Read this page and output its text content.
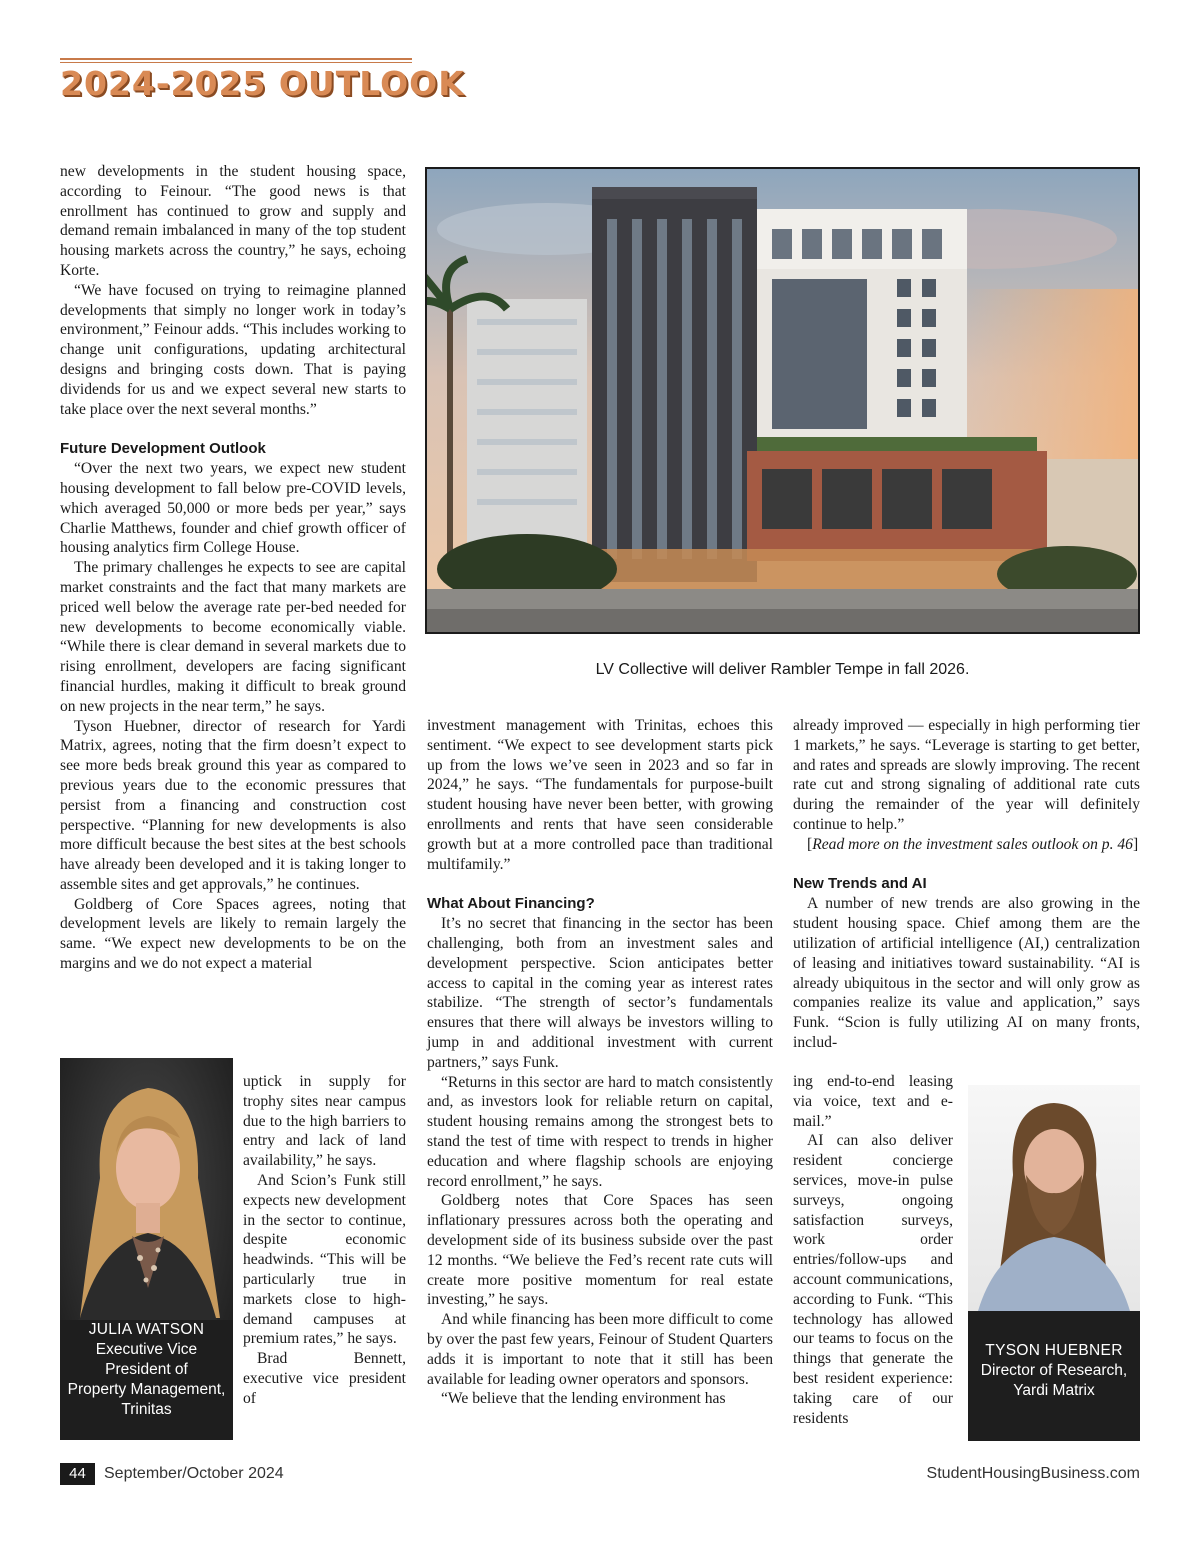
2024-2025 OUTLOOK

new developments in the student housing space, according to Feinour. “The good news is that enrollment has continued to grow and supply and demand remain imbalanced in many of the top student housing markets across the country,” he says, echoing Korte.

“We have focused on trying to reimagine planned developments that simply no longer work in today’s environment,” Feinour adds. “This includes working to change unit configurations, updating architectural designs and bringing costs down. That is paying dividends for us and we expect several new starts to take place over the next several months.”

Future Development Outlook

“Over the next two years, we expect new student housing development to fall below pre-COVID levels, which averaged 50,000 or more beds per year,” says Charlie Matthews, founder and chief growth officer of housing analytics firm College House.

The primary challenges he expects to see are capital market constraints and the fact that many markets are priced well below the average rate per-bed needed for new developments to become economically viable. “While there is clear demand in several markets due to rising enrollment, developers are facing significant financial hurdles, making it difficult to break ground on new projects in the near term,” he says.

Tyson Huebner, director of research for Yardi Matrix, agrees, noting that the firm doesn’t expect to see more beds break ground this year as compared to previous years due to the economic pressures that persist from a financing and construction cost perspective. “Planning for new developments is also more difficult because the best sites at the best schools have already been developed and it is taking longer to assemble sites and get approvals,” he continues.

Goldberg of Core Spaces agrees, noting that development levels are likely to remain largely the same. “We expect new developments to be on the margins and we do not expect a material

uptick in supply for trophy sites near campus due to the high barriers to entry and lack of land availability,” he says.

And Scion’s Funk still expects new development in the sector to continue, despite economic headwinds. “This will be particularly true in markets close to high-demand campuses at premium rates,” he says.

Brad Bennett, executive vice president of

JULIA WATSON
Executive Vice
President of
Property Management,
Trinitas
LV Collective will deliver Rambler Tempe in fall 2026.

investment management with Trinitas, echoes this sentiment. “We expect to see development starts pick up from the lows we’ve seen in 2023 and so far in 2024,” he says. “The fundamentals for purpose-built student housing have never been better, with growing enrollments and rents that have seen considerable growth but at a more controlled pace than traditional multifamily.”

What About Financing?

It’s no secret that financing in the sector has been challenging, both from an investment sales and development perspective. Scion anticipates better access to capital in the coming year as interest rates stabilize. “The strength of sector’s fundamentals ensures that there will always be investors willing to jump in and additional investment with current partners,” says Funk.

“Returns in this sector are hard to match consistently and, as investors look for reliable return on capital, student housing remains among the strongest bets to stand the test of time with respect to trends in higher education and where flagship schools are enjoying record enrollment,” he says.

Goldberg notes that Core Spaces has seen inflationary pressures across both the operating and development side of its business subside over the past 12 months. “We believe the Fed’s recent rate cuts will create more positive momentum for real estate investing,” he says.

And while financing has been more difficult to come by over the past few years, Feinour of Student Quarters adds it is important to note that it still has been available for leading owner operators and sponsors.

“We believe that the lending environment has

already improved — especially in high performing tier 1 markets,” he says. “Leverage is starting to get better, and rates and spreads are slowly improving. The recent rate cut and strong signaling of additional rate cuts during the remainder of the year will definitely continue to help.”

[Read more on the investment sales outlook on p. 46]

New Trends and AI

A number of new trends are also growing in the student housing space. Chief among them are the utilization of artificial intelligence (AI,) centralization of leasing and initiatives toward sustainability. “AI is already ubiquitous in the sector and will only grow as companies realize its value and application,” says Funk. “Scion is fully utilizing AI on many fronts, includ-

ing end-to-end leasing via voice, text and e-mail.”

AI can also deliver resident concierge services, move-in pulse surveys, ongoing satisfaction surveys, work order entries/follow-ups and account communications, according to Funk. “This technology has allowed our teams to focus on the things that generate the best resident experience: taking care of our residents

TYSON HUEBNER
Director of Research,
Yardi Matrix
44	September/October 2024	StudentHousingBusiness.com
